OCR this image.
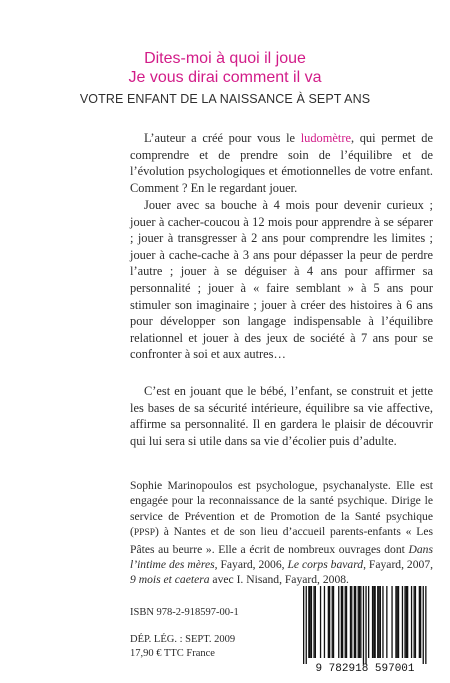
Dites-moi à quoi il joue
Je vous dirai comment il va
VOTRE ENFANT DE LA NAISSANCE À SEPT ANS

L’auteur a créé pour vous le ludomètre, qui permet de comprendre et de prendre soin de l’équilibre et de l’évolution psychologiques et émotionnelles de votre enfant. Comment ? En le regardant jouer.

Jouer avec sa bouche à 4 mois pour devenir curieux ; jouer à cacher-coucou à 12 mois pour apprendre à se séparer ; jouer à transgresser à 2 ans pour comprendre les limites ; jouer à cache-cache à 3 ans pour dépasser la peur de perdre l’autre ; jouer à se déguiser à 4 ans pour affirmer sa personnalité ; jouer à « faire semblant » à 5 ans pour stimuler son imaginaire ; jouer à créer des histoires à 6 ans pour développer son langage indispensable à l’équilibre relationnel et jouer à des jeux de société à 7 ans pour se confronter à soi et aux autres…

C’est en jouant que le bébé, l’enfant, se construit et jette les bases de sa sécurité intérieure, équilibre sa vie affective, affirme sa personnalité. Il en gardera le plaisir de découvrir qui lui sera si utile dans sa vie d’écolier puis d’adulte.

Sophie Marinopoulos est psychologue, psychanalyste. Elle est engagée pour la reconnaissance de la santé psychique. Dirige le service de Prévention et de Promotion de la Santé psychique (PPSP) à Nantes et de son lieu d’accueil parents-enfants « Les Pâtes au beurre ». Elle a écrit de nombreux ouvrages dont Dans l’intime des mères, Fayard, 2006, Le corps bavard, Fayard, 2007, 9 mois et caetera avec I. Nisand, Fayard, 2008.

ISBN 978-2-918597-00-1
DÉP. LÉG. : SEPT. 2009
17,90 € TTC France
9 782918 597001
